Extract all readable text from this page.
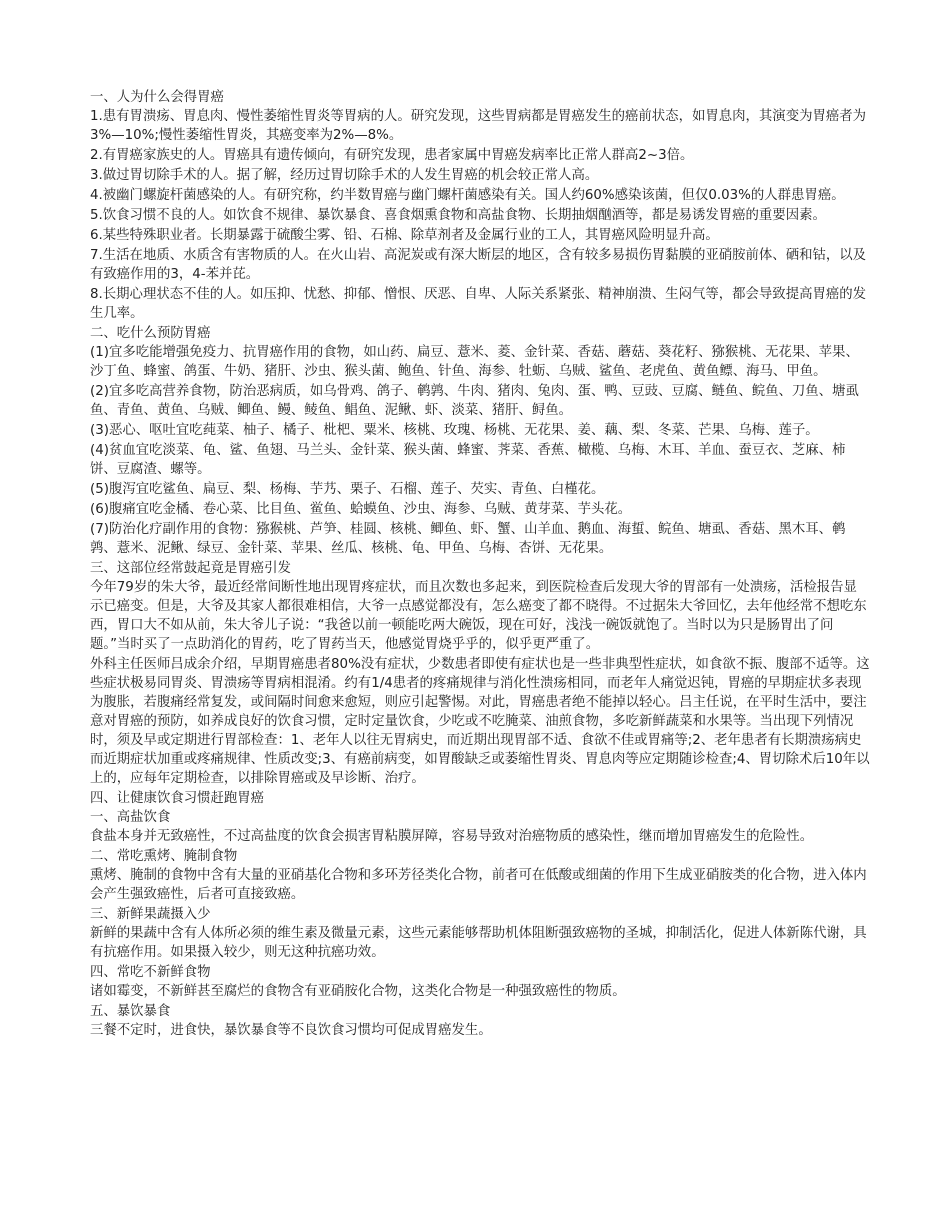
一、人为什么会得胃癌

1.患有胃溃疡、胃息肉、慢性萎缩性胃炎等胃病的人。研究发现，这些胃病都是胃癌发生的癌前状态，如胃息肉，其演变为胃癌者为3%—10%;慢性萎缩性胃炎，其癌变率为2%—8%。

2.有胃癌家族史的人。胃癌具有遗传倾向，有研究发现，患者家属中胃癌发病率比正常人群高2~3倍。

3.做过胃切除手术的人。据了解，经历过胃切除手术的人发生胃癌的机会较正常人高。

4.被幽门螺旋杆菌感染的人。有研究称，约半数胃癌与幽门螺杆菌感染有关。国人约60%感染该菌，但仅0.03%的人群患胃癌。

5.饮食习惯不良的人。如饮食不规律、暴饮暴食、喜食烟熏食物和高盐食物、长期抽烟酗酒等，都是易诱发胃癌的重要因素。

6.某些特殊职业者。长期暴露于硫酸尘雾、铅、石棉、除草剂者及金属行业的工人，其胃癌风险明显升高。

7.生活在地质、水质含有害物质的人。在火山岩、高泥炭或有深大断层的地区，含有较多易损伤胃黏膜的亚硝胺前体、硒和钴，以及有致癌作用的3，4-苯并芘。

8.长期心理状态不佳的人。如压抑、忧愁、抑郁、憎恨、厌恶、自卑、人际关系紧张、精神崩溃、生闷气等，都会导致提高胃癌的发生几率。

二、吃什么预防胃癌

(1)宜多吃能增强免疫力、抗胃癌作用的食物，如山药、扁豆、薏米、菱、金针菜、香菇、蘑菇、葵花籽、猕猴桃、无花果、苹果、沙丁鱼、蜂蜜、鸽蛋、牛奶、猪肝、沙虫、猴头菌、鲍鱼、针鱼、海参、牡蛎、乌贼、鲨鱼、老虎鱼、黄鱼鳔、海马、甲鱼。

(2)宜多吃高营养食物，防治恶病质，如乌骨鸡、鸽子、鹌鹑、牛肉、猪肉、兔肉、蛋、鸭、豆豉、豆腐、鲢鱼、鲩鱼、刀鱼、塘虱鱼、青鱼、黄鱼、乌贼、鲫鱼、鳗、鲮鱼、鲳鱼、泥鳅、虾、淡菜、猪肝、鲟鱼。

(3)恶心、呕吐宜吃莼菜、柚子、橘子、枇杷、粟米、核桃、玫瑰、杨桃、无花果、姜、藕、梨、冬菜、芒果、乌梅、莲子。

(4)贫血宜吃淡菜、龟、鲨、鱼翅、马兰头、金针菜、猴头菌、蜂蜜、荠菜、香蕉、橄榄、乌梅、木耳、羊血、蚕豆衣、芝麻、柿饼、豆腐渣、螺等。

(5)腹泻宜吃鲨鱼、扁豆、梨、杨梅、芋艿、栗子、石榴、莲子、芡实、青鱼、白槿花。

(6)腹痛宜吃金橘、卷心菜、比目鱼、鲎鱼、蛤蟆鱼、沙虫、海参、乌贼、黄芽菜、芋头花。

(7)防治化疗副作用的食物：猕猴桃、芦笋、桂圆、核桃、鲫鱼、虾、蟹、山羊血、鹅血、海蜇、鲩鱼、塘虱、香菇、黑木耳、鹌鹑、薏米、泥鳅、绿豆、金针菜、苹果、丝瓜、核桃、龟、甲鱼、乌梅、杏饼、无花果。

三、这部位经常鼓起竟是胃癌引发

今年79岁的朱大爷，最近经常间断性地出现胃疼症状，而且次数也多起来，到医院检查后发现大爷的胃部有一处溃疡，活检报告显示已癌变。但是，大爷及其家人都很难相信，大爷一点感觉都没有，怎么癌变了都不晓得。不过据朱大爷回忆，去年他经常不想吃东西，胃口大不如从前，朱大爷儿子说：“我爸以前一顿能吃两大碗饭，现在可好，浅浅一碗饭就饱了。当时以为只是肠胃出了问题。”当时买了一点助消化的胃药，吃了胃药当天，他感觉胃烧乎乎的，似乎更严重了。

外科主任医师吕成余介绍，早期胃癌患者80%没有症状，少数患者即使有症状也是一些非典型性症状，如食欲不振、腹部不适等。这些症状极易同胃炎、胃溃疡等胃病相混淆。约有1/4患者的疼痛规律与消化性溃疡相同，而老年人痛觉迟钝，胃癌的早期症状多表现为腹胀，若腹痛经常复发，或间隔时间愈来愈短，则应引起警惕。对此，胃癌患者绝不能掉以轻心。吕主任说，在平时生活中，要注意对胃癌的预防，如养成良好的饮食习惯，定时定量饮食，少吃或不吃腌菜、油煎食物，多吃新鲜蔬菜和水果等。当出现下列情况时，须及早或定期进行胃部检查：1、老年人以往无胃病史，而近期出现胃部不适、食欲不佳或胃痛等;2、老年患者有长期溃疡病史而近期症状加重或疼痛规律、性质改变;3、有癌前病变，如胃酸缺乏或萎缩性胃炎、胃息肉等应定期随诊检查;4、胃切除术后10年以上的，应每年定期检查，以排除胃癌或及早诊断、治疗。

四、让健康饮食习惯赶跑胃癌

一、高盐饮食

食盐本身并无致癌性，不过高盐度的饮食会损害胃粘膜屏障，容易导致对治癌物质的感染性，继而增加胃癌发生的危险性。

二、常吃熏烤、腌制食物

熏烤、腌制的食物中含有大量的亚硝基化合物和多环芳径类化合物，前者可在低酸或细菌的作用下生成亚硝胺类的化合物，进入体内会产生强致癌性，后者可直接致癌。

三、新鲜果蔬摄入少

新鲜的果蔬中含有人体所必须的维生素及微量元素，这些元素能够帮助机体阻断强致癌物的圣城，抑制活化，促进人体新陈代谢，具有抗癌作用。如果摄入较少，则无这种抗癌功效。

四、常吃不新鲜食物

诸如霉变，不新鲜甚至腐烂的食物含有亚硝胺化合物，这类化合物是一种强致癌性的物质。

五、暴饮暴食

三餐不定时，进食快，暴饮暴食等不良饮食习惯均可促成胃癌发生。
